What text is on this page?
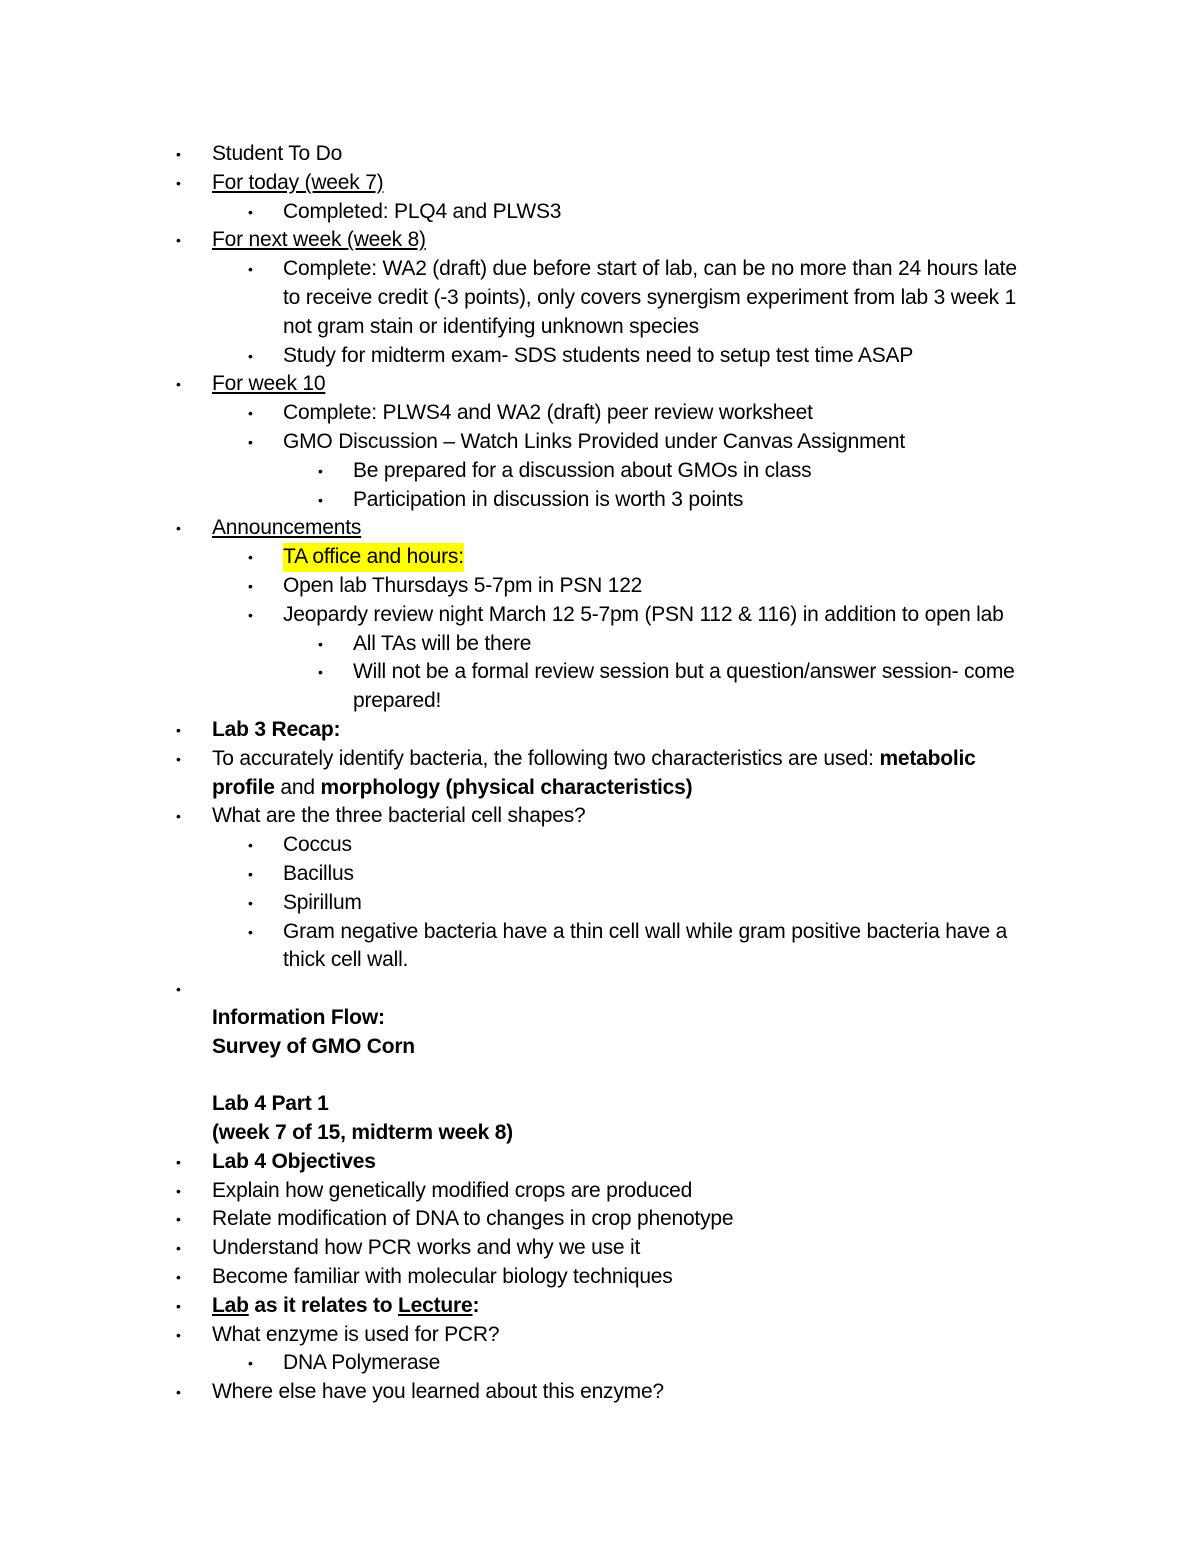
• Student To Do
• For today (week 7)
• Completed: PLQ4 and PLWS3
• For next week (week 8)
• Complete: WA2 (draft) due before start of lab, can be no more than 24 hours late
to receive credit (-3 points), only covers synergism experiment from lab 3 week 1
not gram stain or identifying unknown species
• Study for midterm exam- SDS students need to setup test time ASAP
• For week 10
• Complete: PLWS4 and WA2 (draft) peer review worksheet
• GMO Discussion – Watch Links Provided under Canvas Assignment
• Be prepared for a discussion about GMOs in class
• Participation in discussion is worth 3 points
• Announcements
• TA office and hours:
• Open lab Thursdays 5-7pm in PSN 122
• Jeopardy review night March 12 5-7pm (PSN 112 & 116) in addition to open lab
• All TAs will be there
• Will not be a formal review session but a question/answer session- come
prepared!
• Lab 3 Recap:
• To accurately identify bacteria, the following two characteristics are used: metabolic
profile and morphology (physical characteristics)
• What are the three bacterial cell shapes?
• Coccus
• Bacillus
• Spirillum
• Gram negative bacteria have a thin cell wall while gram positive bacteria have a
thick cell wall.
•
Information Flow:
Survey of GMO Corn
Lab 4 Part 1
(week 7 of 15, midterm week 8)
• Lab 4 Objectives
• Explain how genetically modified crops are produced
• Relate modification of DNA to changes in crop phenotype
• Understand how PCR works and why we use it
• Become familiar with molecular biology techniques
• Lab as it relates to Lecture:
• What enzyme is used for PCR?
• DNA Polymerase
• Where else have you learned about this enzyme?
